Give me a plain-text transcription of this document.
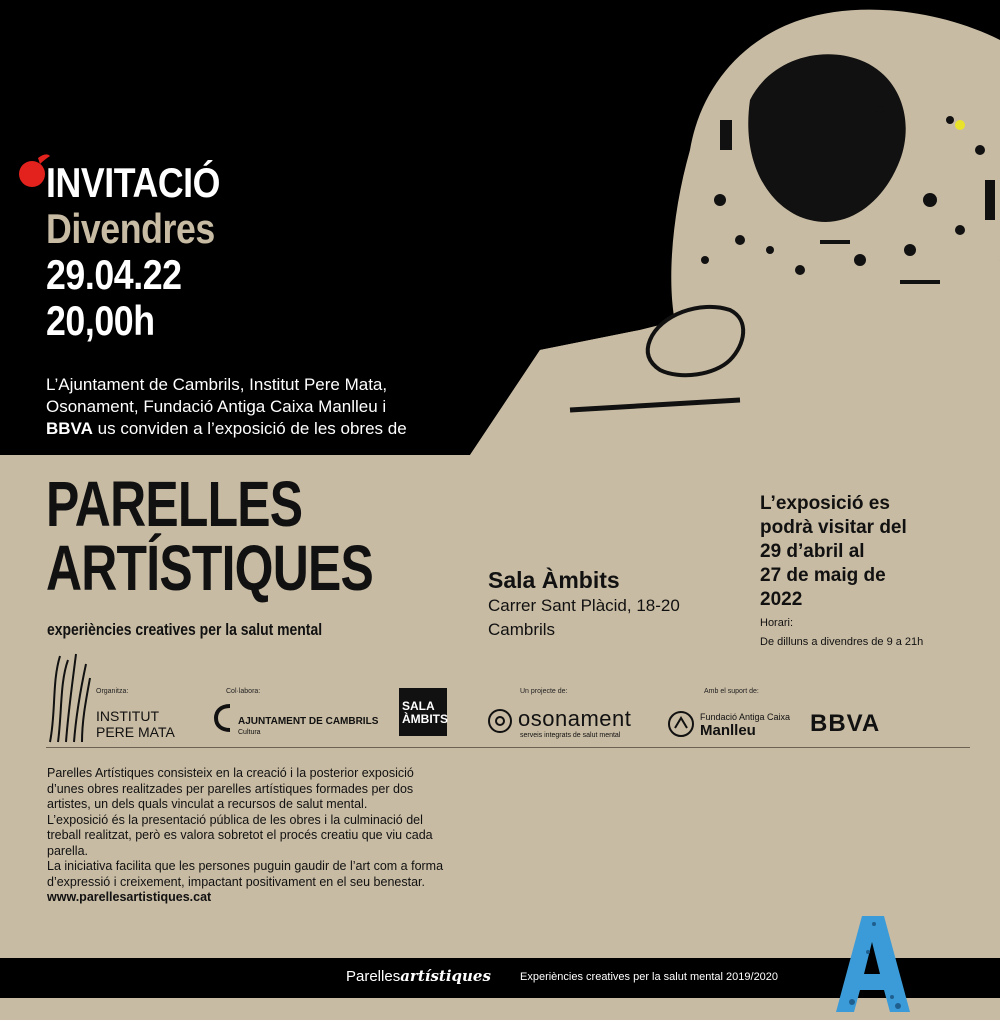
INVITACIÓ
Divendres
29.04.22
20,00h
L’Ajuntament de Cambrils, Institut Pere Mata,
Osonament, Fundació Antiga Caixa Manlleu i
BBVA us conviden a l’exposició de les obres de
PARELLES
ARTÍSTIQUES
experiències creatives per la salut mental
Sala Àmbits
Carrer Sant Plàcid, 18-20
Cambrils
L’exposició es
podrà visitar del
29 d’abril al
27 de maig de
2022
Horari:
De dilluns a divendres de 9 a 21h
Organitza:
INSTITUT
PERE MATA
Col·labora:
AJUNTAMENT DE CAMBRILS
Cultura
SALA
ÀMBITS
Un projecte de:
osonament
serveis integrats de salut mental
Amb el suport de:
Fundació Antiga Caixa
Manlleu BBVA

Parelles Artístiques consisteix en la creació i la posterior exposició d’unes obres realitzades per parelles artístiques formades per dos artistes, un dels quals vinculat a recursos de salut mental.

L’exposició és la presentació pública de les obres i la culminació del treball realitzat, però es valora sobretot el procés creatiu que viu cada parella.

La iniciativa facilita que les persones puguin gaudir de l’art com a forma d’expressió i creixement, impactant positivament en el seu benestar.

www.parellesartistiques.cat

Parellesartístiques	Experiències creatives per la salut mental 2019/2020
